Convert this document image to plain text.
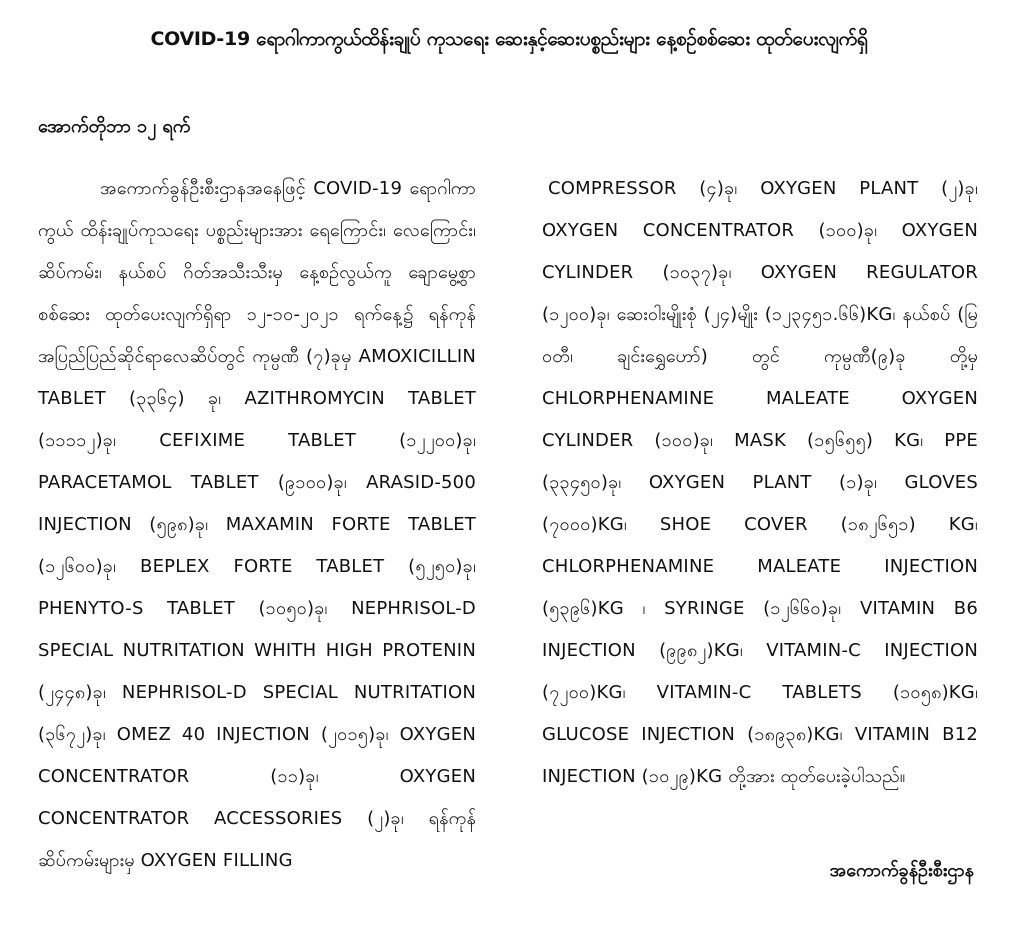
COVID-19 ရောဂါကာကွယ်ထိန်းချုပ် ကုသရေး ဆေးနှင့်ဆေးပစ္စည်းများ နေ့စဉ်စစ်ဆေး ထုတ်ပေးလျက်ရှိ
အောက်တိုဘာ ၁၂ ရက်

အကောက်ခွန်ဦးစီးဌာနအနေဖြင့် COVID-19 ရောဂါကာကွယ် ထိန်းချုပ်ကုသရေး ပစ္စည်းများအား ရေကြောင်း၊ လေကြောင်း၊ ဆိပ်ကမ်း၊ နယ်စပ် ဂိတ်အသီးသီးမှ နေ့စဉ်လွယ်ကူ ချောမွေ့စွာစစ်ဆေး ထုတ်ပေးလျက်ရှိရာ ၁၂-၁၀-၂၀၂၁ ရက်နေ့၌ ရန်ကုန်အပြည်ပြည်ဆိုင်ရာလေဆိပ်တွင် ကုမ္ပဏီ (၇)ခုမှ AMOXICILLIN TABLET (၃၃၆၄) ခု၊ AZITHROMYCIN TABLET (၁၁၁၁၂)ခု၊ CEFIXIME TABLET (၁၂၂၀၀)ခု၊ PARACETAMOL TABLET (၉၁၀၀)ခု၊ ARASID-500 INJECTION (၅၉၈)ခု၊ MAXAMIN FORTE TABLET (၁၂၆၀၀)ခု၊ BEPLEX FORTE TABLET (၅၂၅၀)ခု၊ PHENYTO-S TABLET (၁၀၅၀)ခု၊ NEPHRISOL-D SPECIAL NUTRITATION WHITH HIGH PROTENIN (၂၄၄၈)ခု၊ NEPHRISOL-D SPECIAL NUTRITATION (၃၆၇၂)ခု၊ OMEZ 40 INJECTION (၂၀၁၅)ခု၊ OXYGEN CONCENTRATOR (၁၁)ခု၊ OXYGEN CONCENTRATOR ACCESSORIES (၂)ခု၊ ရန်ကုန်ဆိပ်ကမ်းများမှ OXYGEN FILLING

COMPRESSOR (၄)ခု၊ OXYGEN PLANT (၂)ခု၊ OXYGEN CONCENTRATOR (၁၀၀)ခု၊ OXYGEN CYLINDER (၁၀၃၇)ခု၊ OXYGEN REGULATOR (၁၂၀၀)ခု၊ ဆေးဝါးမျိုးစုံ (၂၄)မျိုး (၁၂၃၄၅၁.၆၆)KG၊ နယ်စပ် (မြဝတီ၊ ချင်းရွှေဟော်) တွင် ကုမ္ပဏီ(၉)ခု တို့မှ CHLORPHENAMINE MALEATE OXYGEN CYLINDER (၁၀၀)ခု၊ MASK (၁၅၆၅၅) KG၊ PPE (၃၃၄၅၀)ခု၊ OXYGEN PLANT (၁)ခု၊ GLOVES (၇၀၀၀)KG၊ SHOE COVER (၁၈၂၆၅၁) KG၊ CHLORPHENAMINE MALEATE INJECTION (၅၃၉၆)KG ၊ SYRINGE (၁၂၆၆၀)ခု၊ VITAMIN B6 INJECTION (၉၉၈၂)KG၊ VITAMIN-C INJECTION (၇၂၀၀)KG၊ VITAMIN-C TABLETS (၁၀၅၈)KG၊ GLUCOSE INJECTION (၁၈၉၃၈)KG၊ VITAMIN B12 INJECTION (၁၀၂၉)KG တို့အား ထုတ်ပေးခဲ့ပါသည်။

အကောက်ခွန်ဦးစီးဌာန
